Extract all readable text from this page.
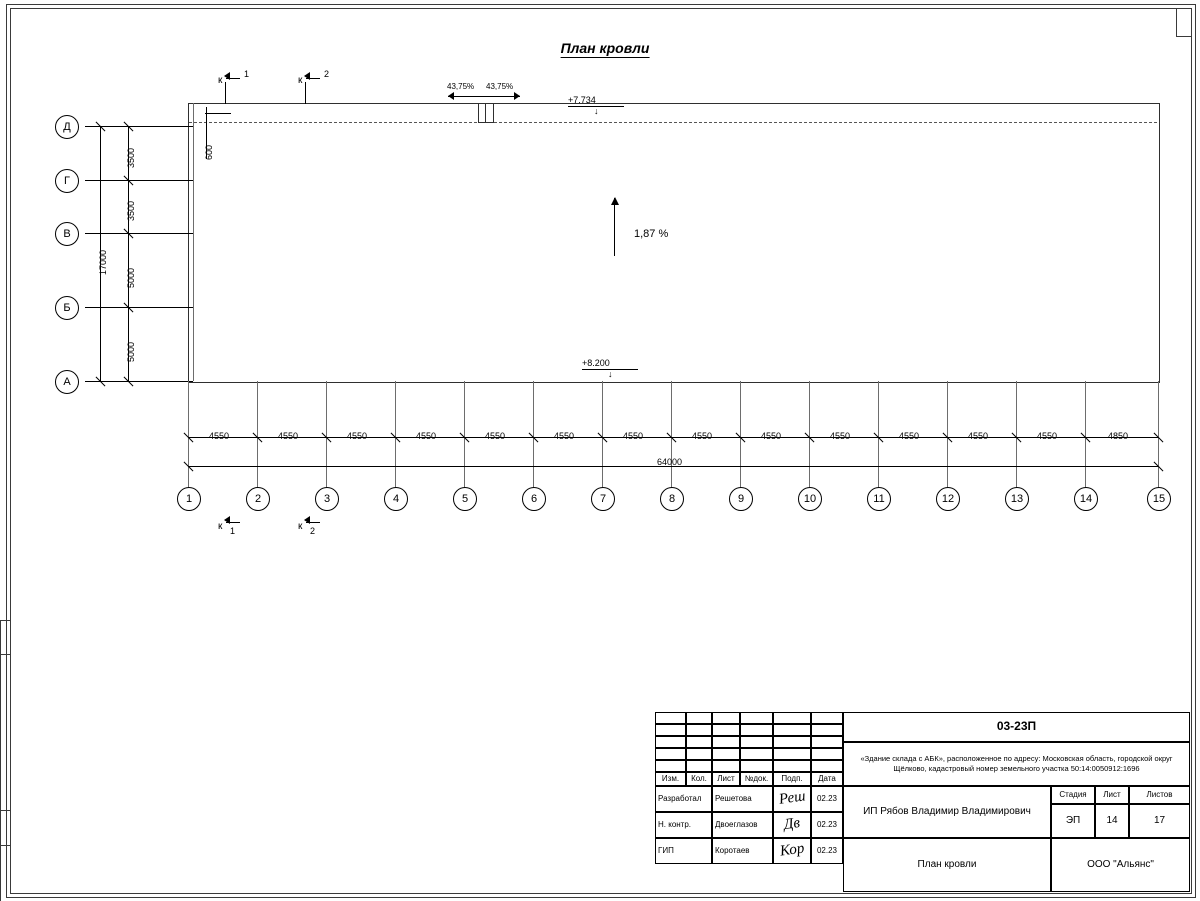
План кровли
600
43,75% 43,75%
+7.734
↓
+8.200
↓
1,87 %
к
1
к
2
к 1	к 2
Д
Г
В
Б
А
3500
3500
5000
5000
17000
4550	4550	4550	4550	4550	4550	4550	4550	4550	4550	4550	4550	4550	4850
64000
1	2	3	4	5	6	7	8	9	10	11	12	13	14	15
Изм.	Кол.	Лист	№док.	Подп.	Дата
Разработал	Решетова	Реш	02.23
Н. контр.	Двоеглазов	Дв	02.23
ГИП	Коротаев	Кор	02.23
03-23П
«Здание склада с АБК», расположенное по адресу: Московская область, городской округ Щёлково, кадастровый номер земельного участка 50:14:0050912:1696
ИП Рябов Владимир Владимирович
План кровли
Стадия	Лист	Листов
ЭП	14	17
ООО "Альянс"
